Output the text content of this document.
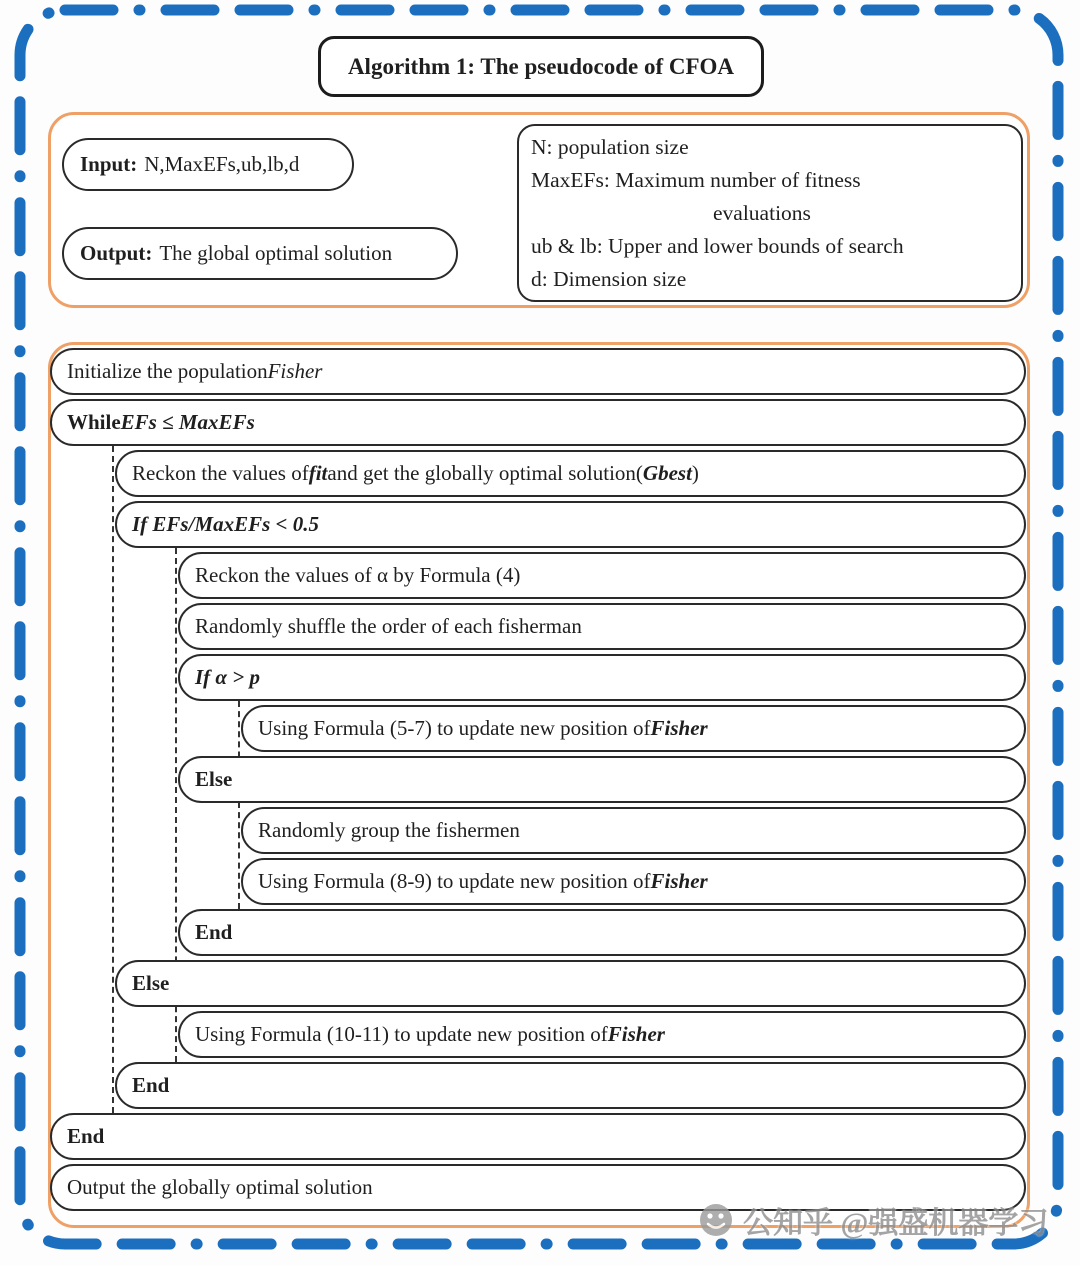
Algorithm 1: The pseudocode of CFOA
Input: N,MaxEFs,ub,lb,d
Output: The global optimal solution
N: population size
MaxEFs: Maximum number of fitness
evaluations
ub & lb: Upper and lower bounds of search
d: Dimension size
Initialize the population Fisher
While EFs ≤ MaxEFs
Reckon the values of fit and get the globally optimal solution( Gbest )
If EFs/MaxEFs < 0.5
Reckon the values of α by Formula (4)
Randomly shuffle the order of each fisherman
If α > p
Using Formula (5-7) to update new position of Fisher
Else
Randomly group the fishermen
Using Formula (8-9) to update new position of Fisher
End
Else
Using Formula (10-11) to update new position of Fisher
End
End
Output the globally optimal solution
公知乎 @强盛机器学习
